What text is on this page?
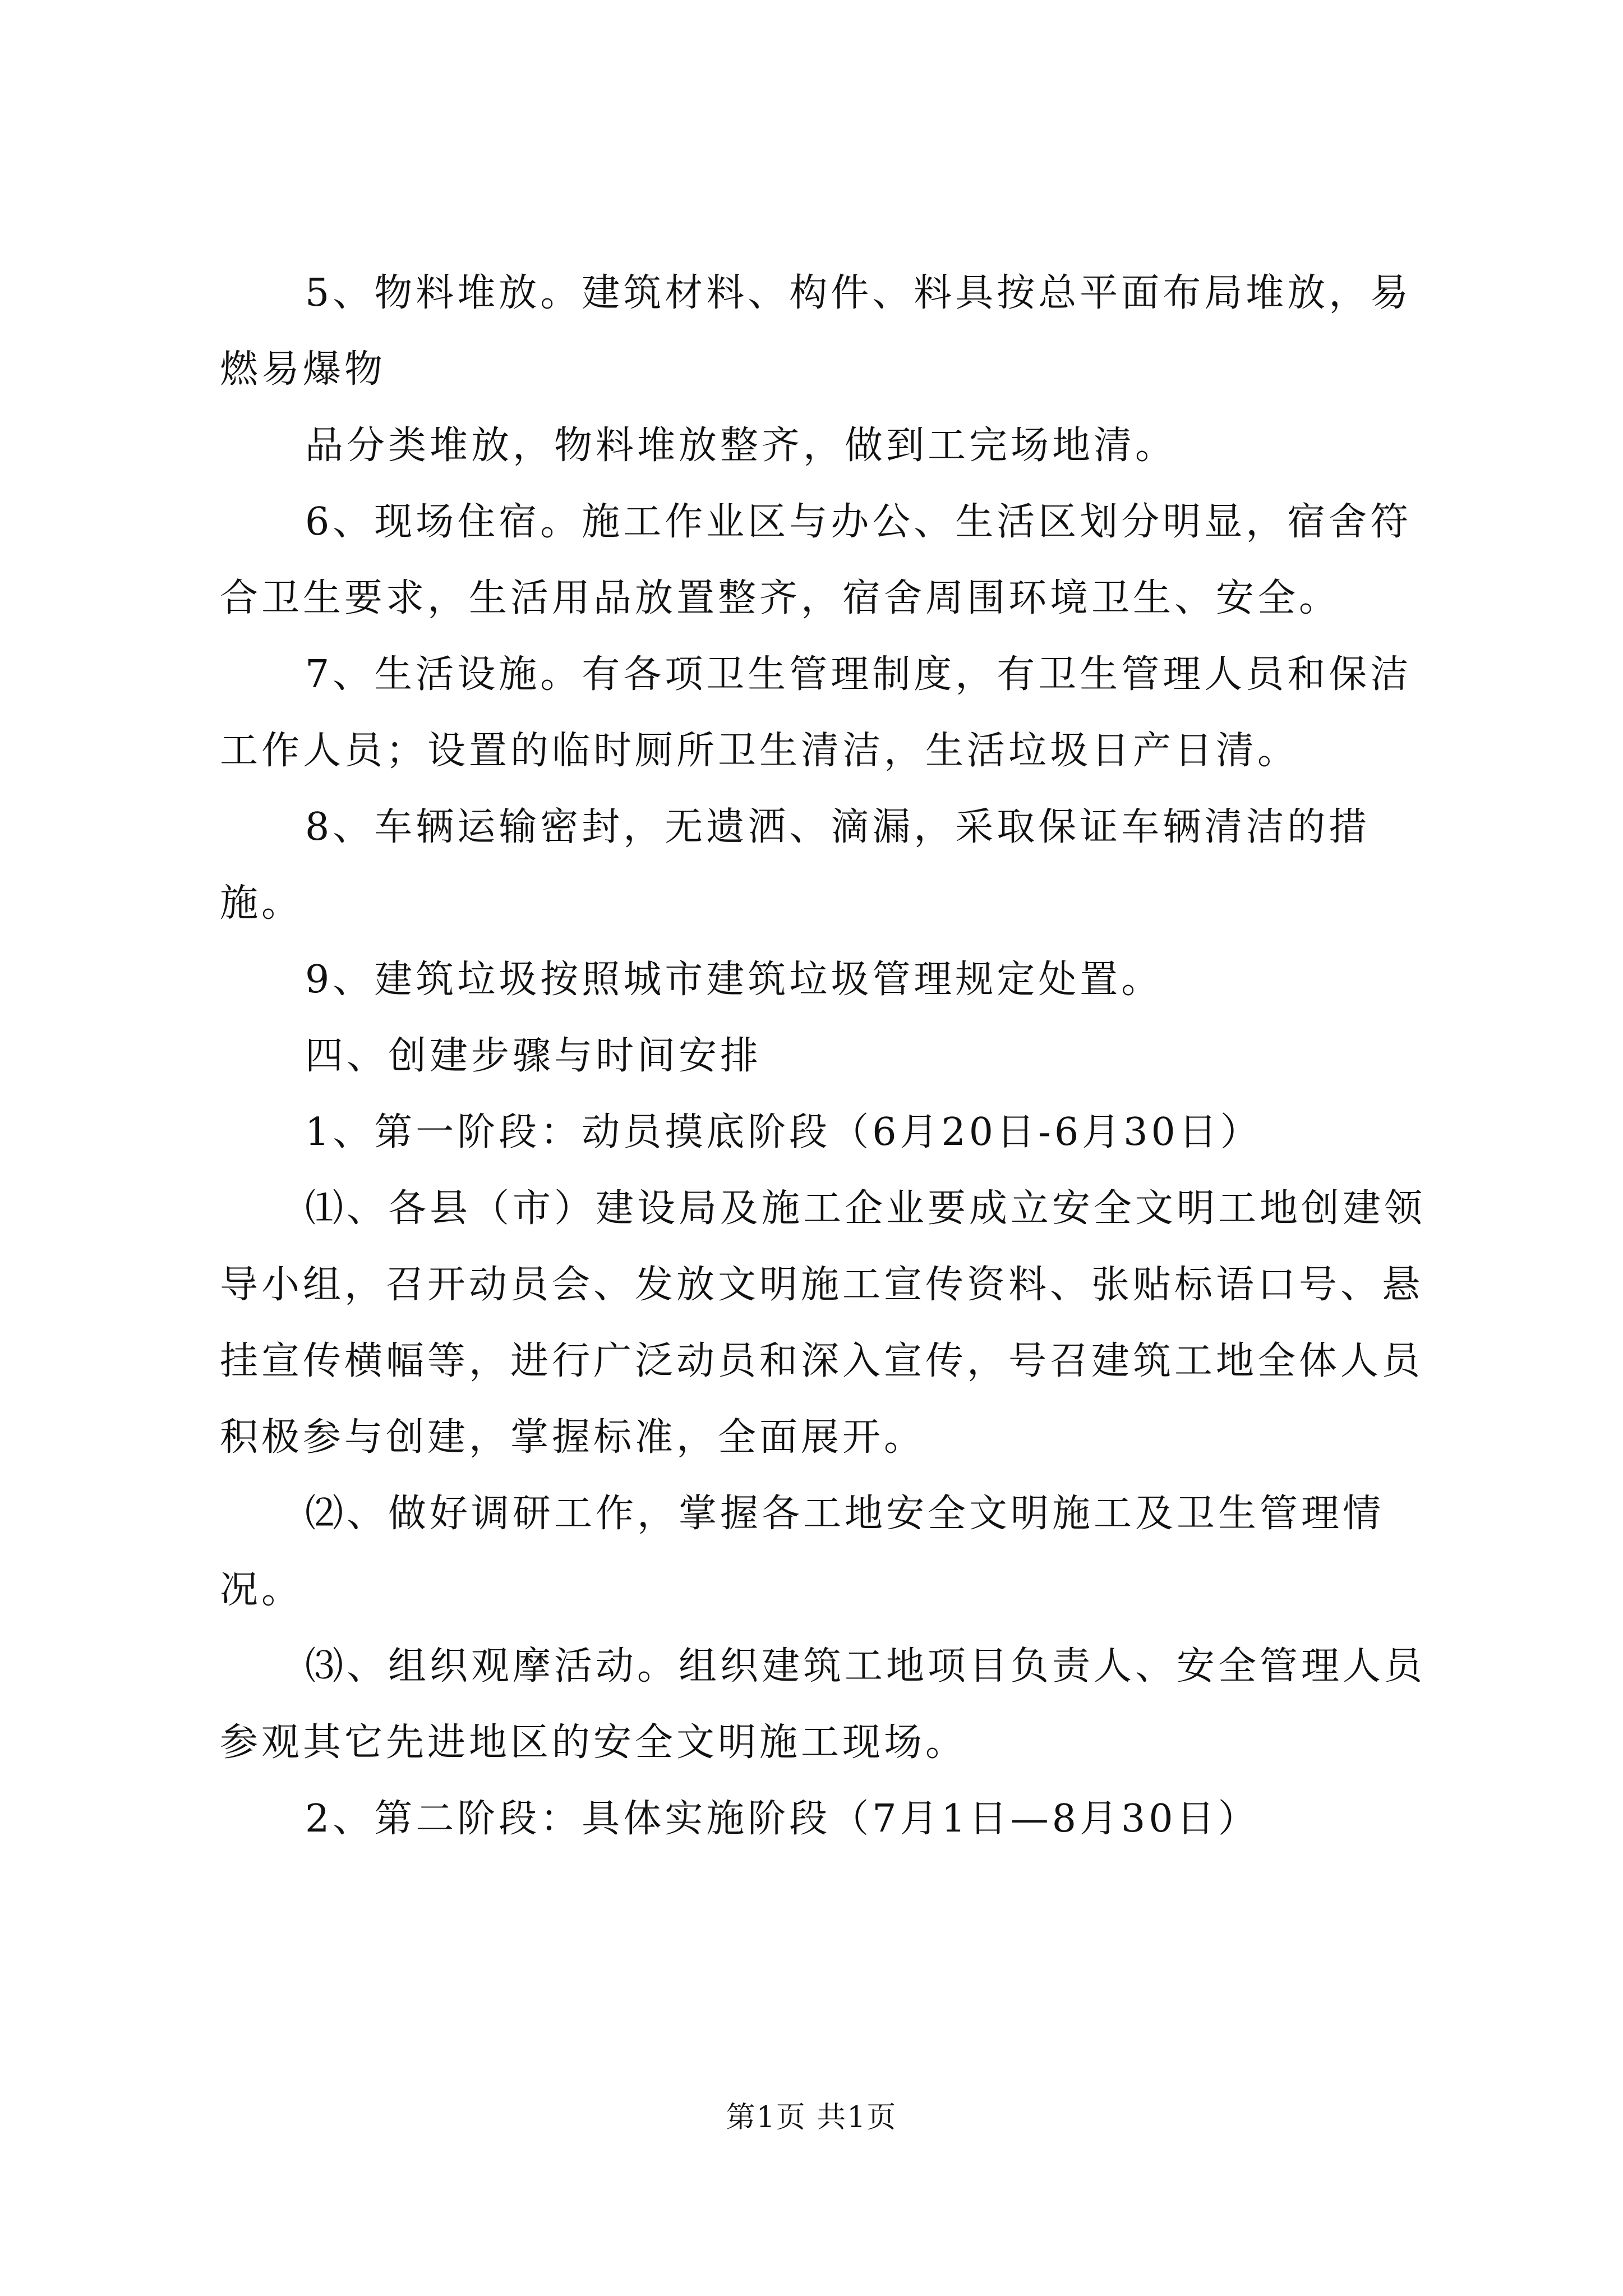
5、物料堆放。建筑材料、构件、料具按总平面布局堆放，易燃易爆物

品分类堆放，物料堆放整齐，做到工完场地清。

6、现场住宿。施工作业区与办公、生活区划分明显，宿舍符合卫生要求，生活用品放置整齐，宿舍周围环境卫生、安全。

7、生活设施。有各项卫生管理制度，有卫生管理人员和保洁工作人员；设置的临时厕所卫生清洁，生活垃圾日产日清。

8、车辆运输密封，无遗洒、滴漏，采取保证车辆清洁的措施。

9、建筑垃圾按照城市建筑垃圾管理规定处置。

四、创建步骤与时间安排

1、第一阶段：动员摸底阶段（6月20日-6月30日）

⑴、各县（市）建设局及施工企业要成立安全文明工地创建领导小组，召开动员会、发放文明施工宣传资料、张贴标语口号、悬挂宣传横幅等，进行广泛动员和深入宣传，号召建筑工地全体人员积极参与创建，掌握标准，全面展开。

⑵、做好调研工作，掌握各工地安全文明施工及卫生管理情况。

⑶、组织观摩活动。组织建筑工地项目负责人、安全管理人员参观其它先进地区的安全文明施工现场。

2、第二阶段：具体实施阶段（7月1日—8月30日）

第1页 共1页
